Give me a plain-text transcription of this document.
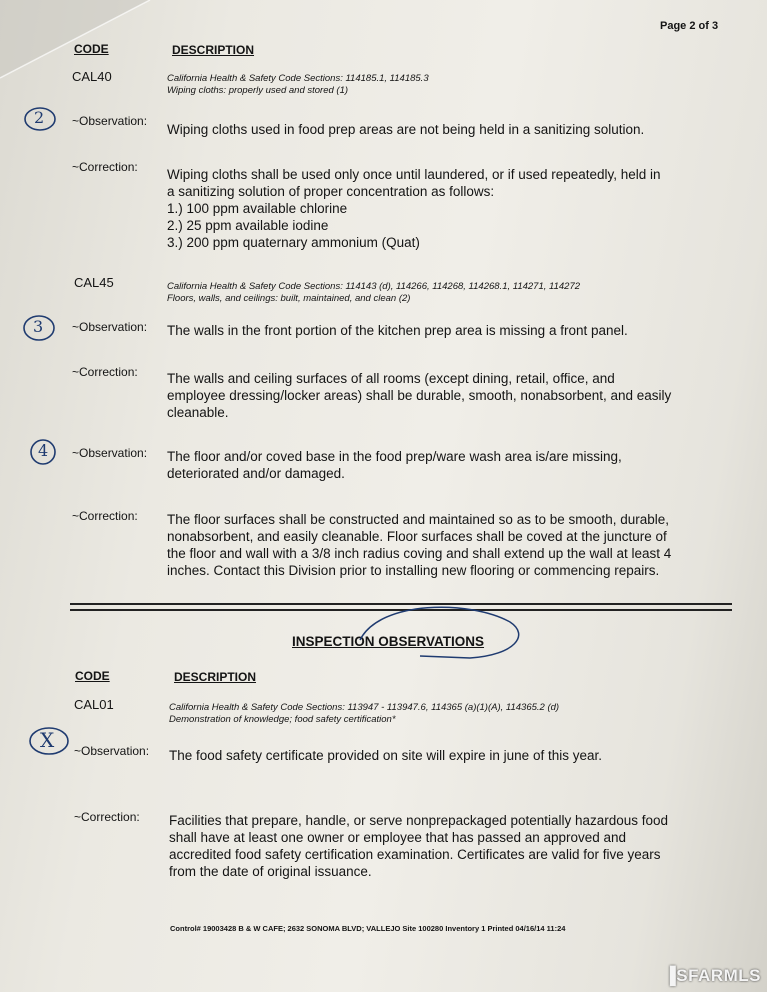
Page 2 of 3
CODE	DESCRIPTION
CAL40	California Health & Safety Code Sections: 114185.1, 114185.3
Wiping cloths: properly used and stored (1)
~Observation:
Wiping cloths used in food prep areas are not being held in a sanitizing solution.
~Correction: Wiping cloths shall be used only once until laundered, or if used repeatedly, held in
a sanitizing solution of proper concentration as follows:
1.) 100 ppm available chlorine
2.) 25 ppm available iodine
3.) 200 ppm quaternary ammonium (Quat)
CAL45	California Health & Safety Code Sections: 114143 (d), 114266, 114268, 114268.1, 114271, 114272
Floors, walls, and ceilings: built, maintained, and clean (2)
~Observation: The walls in the front portion of the kitchen prep area is missing a front panel.
~Correction: The walls and ceiling surfaces of all rooms (except dining, retail, office, and
employee dressing/locker areas) shall be durable, smooth, nonabsorbent, and easily
cleanable.
~Observation: The floor and/or coved base in the food prep/ware wash area is/are missing,
deteriorated and/or damaged.
~Correction: The floor surfaces shall be constructed and maintained so as to be smooth, durable,
nonabsorbent, and easily cleanable. Floor surfaces shall be coved at the juncture of
the floor and wall with a 3/8 inch radius coving and shall extend up the wall at least 4
inches. Contact this Division prior to installing new flooring or commencing repairs.
INSPECTION OBSERVATIONS
CODE	DESCRIPTION
CAL01	California Health & Safety Code Sections: 113947 - 113947.6, 114365 (a)(1)(A), 114365.2 (d)
Demonstration of knowledge; food safety certification*
~Observation: The food safety certificate provided on site will expire in june of this year.
~Correction: Facilities that prepare, handle, or serve nonprepackaged potentially hazardous food
shall have at least one owner or employee that has passed an approved and
accredited food safety certification examination. Certificates are valid for five years
from the date of original issuance.
Control# 19003428 B & W CAFE; 2632 SONOMA BLVD; VALLEJO Site 100280 Inventory 1 Printed 04/16/14 11:24
2
3
4
X
▐SFARMLS
